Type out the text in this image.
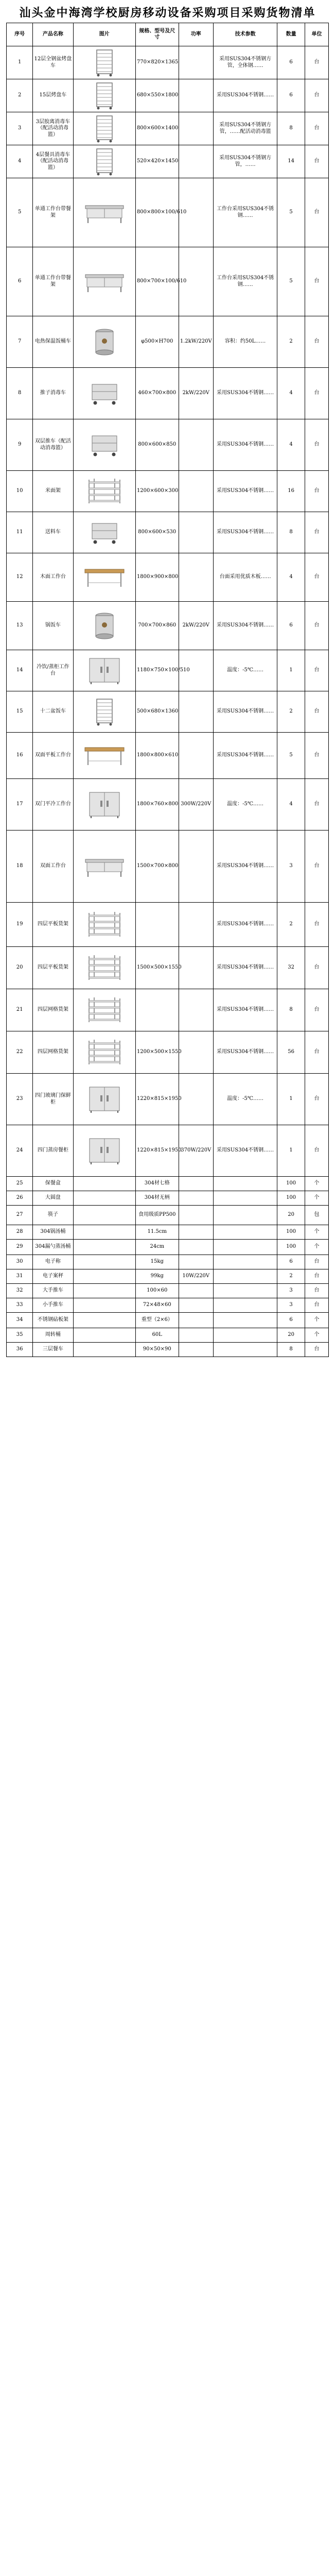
汕头金中海湾学校厨房移动设备采购项目采购货物清单
序号	产品名称	图片	规格、型号及尺寸	功率	技术参数	数量	单位
1	12层全钢盆烤盘车		770×820×1365		采用SUS304不锈钢方管，全体钢……	6	台
2	15层烤盘车		680×550×1800		采用SUS304不锈钢……	6	台
3	3层胶离消毒车（配活动消毒篮）		800×600×1400		采用SUS304不锈钢方管，……配活动消毒篮	8	台
4	4层餐具消毒车（配活动消毒篮）		520×420×1450		采用SUS304不锈钢方管，……	14	台
5	单通工作台带餐架		800×800×100/610		工作台采用SUS304不锈钢……	5	台
6	单通工作台带餐架		800×700×100/610		工作台采用SUS304不锈钢……	5	台
7	电热保温饭桶车		φ500×H700	1.2kW/220V	容积：约50L……	2	台
8	推子消毒车		460×700×800	2kW/220V	采用SUS304不锈钢……	4	台
9	双层推车（配活动消毒篮）		800×600×850		采用SUS304不锈钢……	4	台
10	米面架		1200×600×300		采用SUS304不锈钢……	16	台
11	送料车		800×600×530		采用SUS304不锈钢……	8	台
12	木面工作台		1800×900×800		台面采用优质木板……	4	台
13	锅饭车		700×700×860	2kW/220V	采用SUS304不锈钢……	6	台
14	冷饮/蒸柜工作台		1180×750×100/510		温度：-5℃……	1	台
15	十二盆饭车		500×680×1360		采用SUS304不锈钢……	2	台
16	双面平板工作台		1800×800×610		采用SUS304不锈钢……	5	台
17	双门平冷工作台		1800×760×800	300W/220V	温度：-5℃……	4	台
18	双面工作台		1500×700×800		采用SUS304不锈钢……	3	台
19	四层平板货架				采用SUS304不锈钢……	2	台
20	四层平板货架		1500×500×1550		采用SUS304不锈钢……	32	台
21	四层网格货架				采用SUS304不锈钢……	8	台
22	四层网格货架		1200×500×1550		采用SUS304不锈钢……	56	台
23	四门玻璃门保鲜柜		1220×815×1950		温度：-5℃……	1	台
24	四门蒸房餐柜		1220×815×1950	370W/220V	采用SUS304不锈钢……	1	台
25	保餐盒		304材七格			100	个
26	大圆盘		304材无柄			100	个
27	筷子		食用级质PP500			20	包
28	304锅汤桶		11.5cm			100	个
29	304漏勺蒸汤桶		24cm			100	个
30	电子称		15kg			6	台
31	电子案秤		99kg	10W/220V		2	台
32	大手推车		100×60			3	台
33	小手推车		72×48×60			3	台
34	不锈钢砧板架		重型（2×6）			6	个
35	周转桶		60L			20	个
36	三层餐车		90×50×90			8	台
